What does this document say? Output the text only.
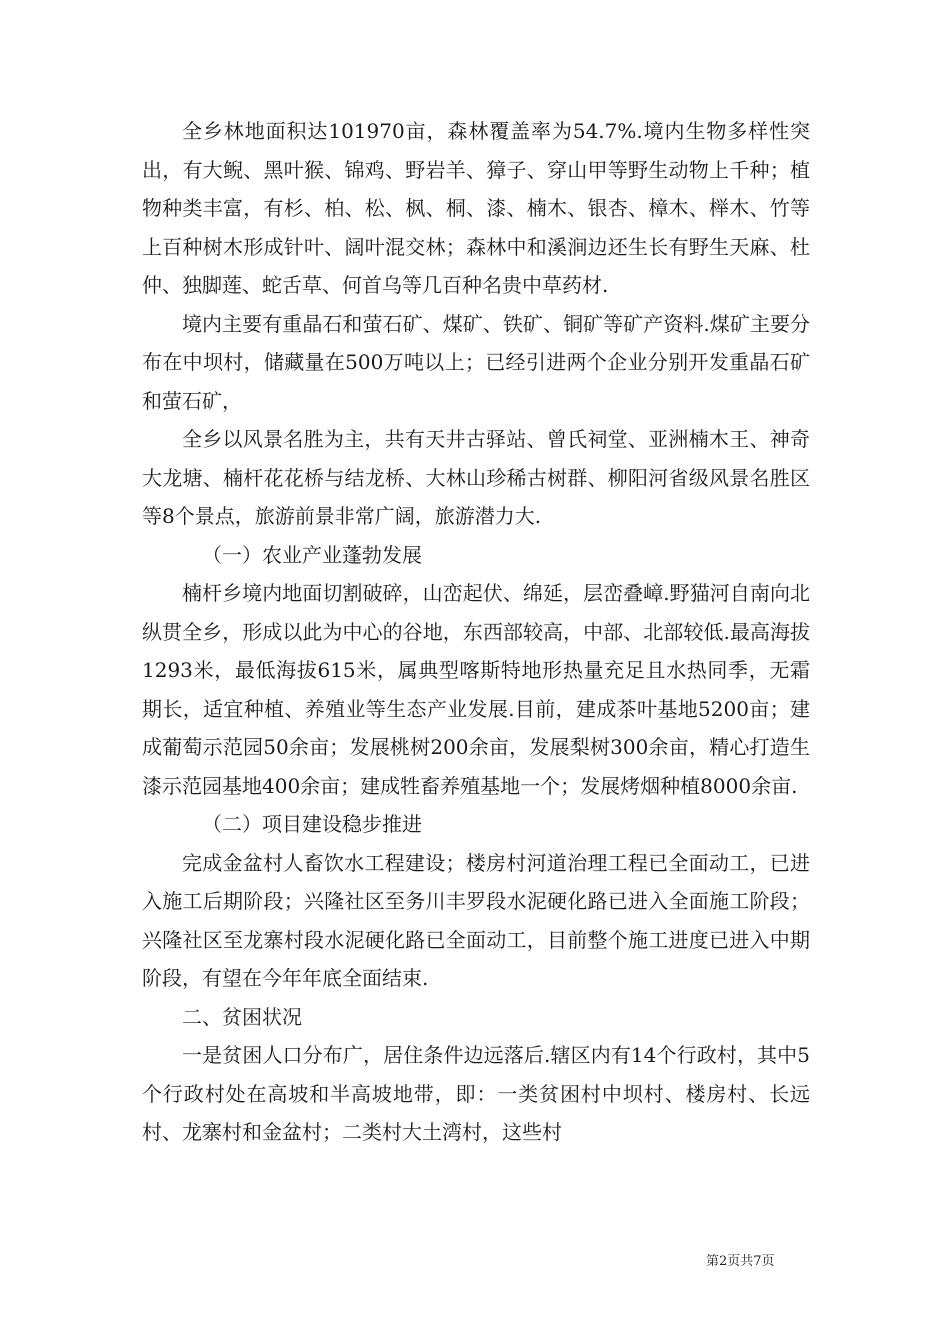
全乡林地面积达101970亩，森林覆盖率为54.7%.境内生物多样性突出，有大鲵、黑叶猴、锦鸡、野岩羊、獐子、穿山甲等野生动物上千种；植物种类丰富，有杉、柏、松、枫、桐、漆、楠木、银杏、樟木、榉木、竹等上百种树木形成针叶、阔叶混交林；森林中和溪涧边还生长有野生天麻、杜仲、独脚莲、蛇舌草、何首乌等几百种名贵中草药材.

境内主要有重晶石和萤石矿、煤矿、铁矿、铜矿等矿产资料.煤矿主要分布在中坝村，储藏量在500万吨以上；已经引进两个企业分别开发重晶石矿和萤石矿，

全乡以风景名胜为主，共有天井古驿站、曾氏祠堂、亚洲楠木王、神奇大龙塘、楠杆花花桥与结龙桥、大林山珍稀古树群、柳阳河省级风景名胜区等8个景点，旅游前景非常广阔，旅游潜力大.

（一）农业产业蓬勃发展

楠杆乡境内地面切割破碎，山峦起伏、绵延，层峦叠嶂.野猫河自南向北纵贯全乡，形成以此为中心的谷地，东西部较高，中部、北部较低.最高海拔1293米，最低海拔615米，属典型喀斯特地形热量充足且水热同季，无霜期长，适宜种植、养殖业等生态产业发展.目前，建成茶叶基地5200亩；建成葡萄示范园50余亩；发展桃树200余亩，发展梨树300余亩，精心打造生漆示范园基地400余亩；建成牲畜养殖基地一个；发展烤烟种植8000余亩.

（二）项目建设稳步推进

完成金盆村人畜饮水工程建设；楼房村河道治理工程已全面动工，已进入施工后期阶段；兴隆社区至务川丰罗段水泥硬化路已进入全面施工阶段；兴隆社区至龙寨村段水泥硬化路已全面动工，目前整个施工进度已进入中期阶段，有望在今年年底全面结束.

二、贫困状况

一是贫困人口分布广，居住条件边远落后.辖区内有14个行政村，其中5个行政村处在高坡和半高坡地带，即：一类贫困村中坝村、楼房村、长远村、龙寨村和金盆村；二类村大土湾村，这些村

第2页共7页
